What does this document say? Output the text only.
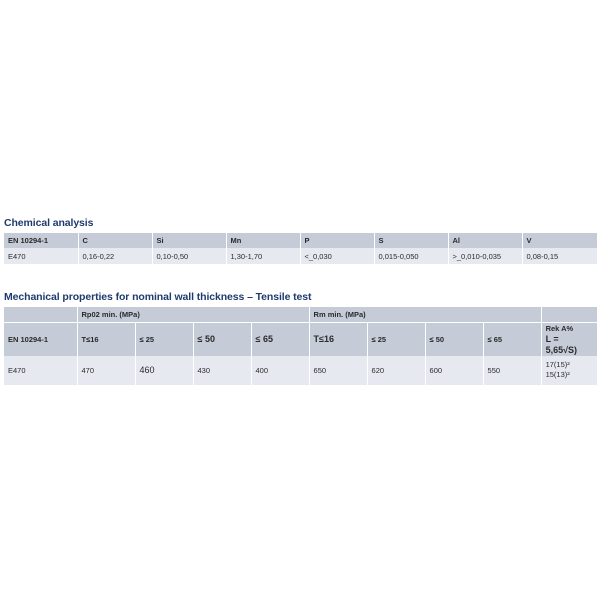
Chemical analysis
EN 10294-1	C	Si	Mn	P	S	Al	V
E470	0,16-0,22	0,10-0,50	1,30-1,70	<_0,030	0,015-0,050	>_0,010-0,035	0,08-0,15
Mechanical properties for nominal wall thickness – Tensile test
	Rp02 min. (MPa)				Rm min. (MPa)				
EN 10294-1	T≤16	≤ 25	≤ 50	≤ 65	T≤16	≤ 25	≤ 50	≤ 65	Rek A%
L = 5,65√S)

E470	470	460	430	400	650	620	600	550	17(15)²
15(13)²
